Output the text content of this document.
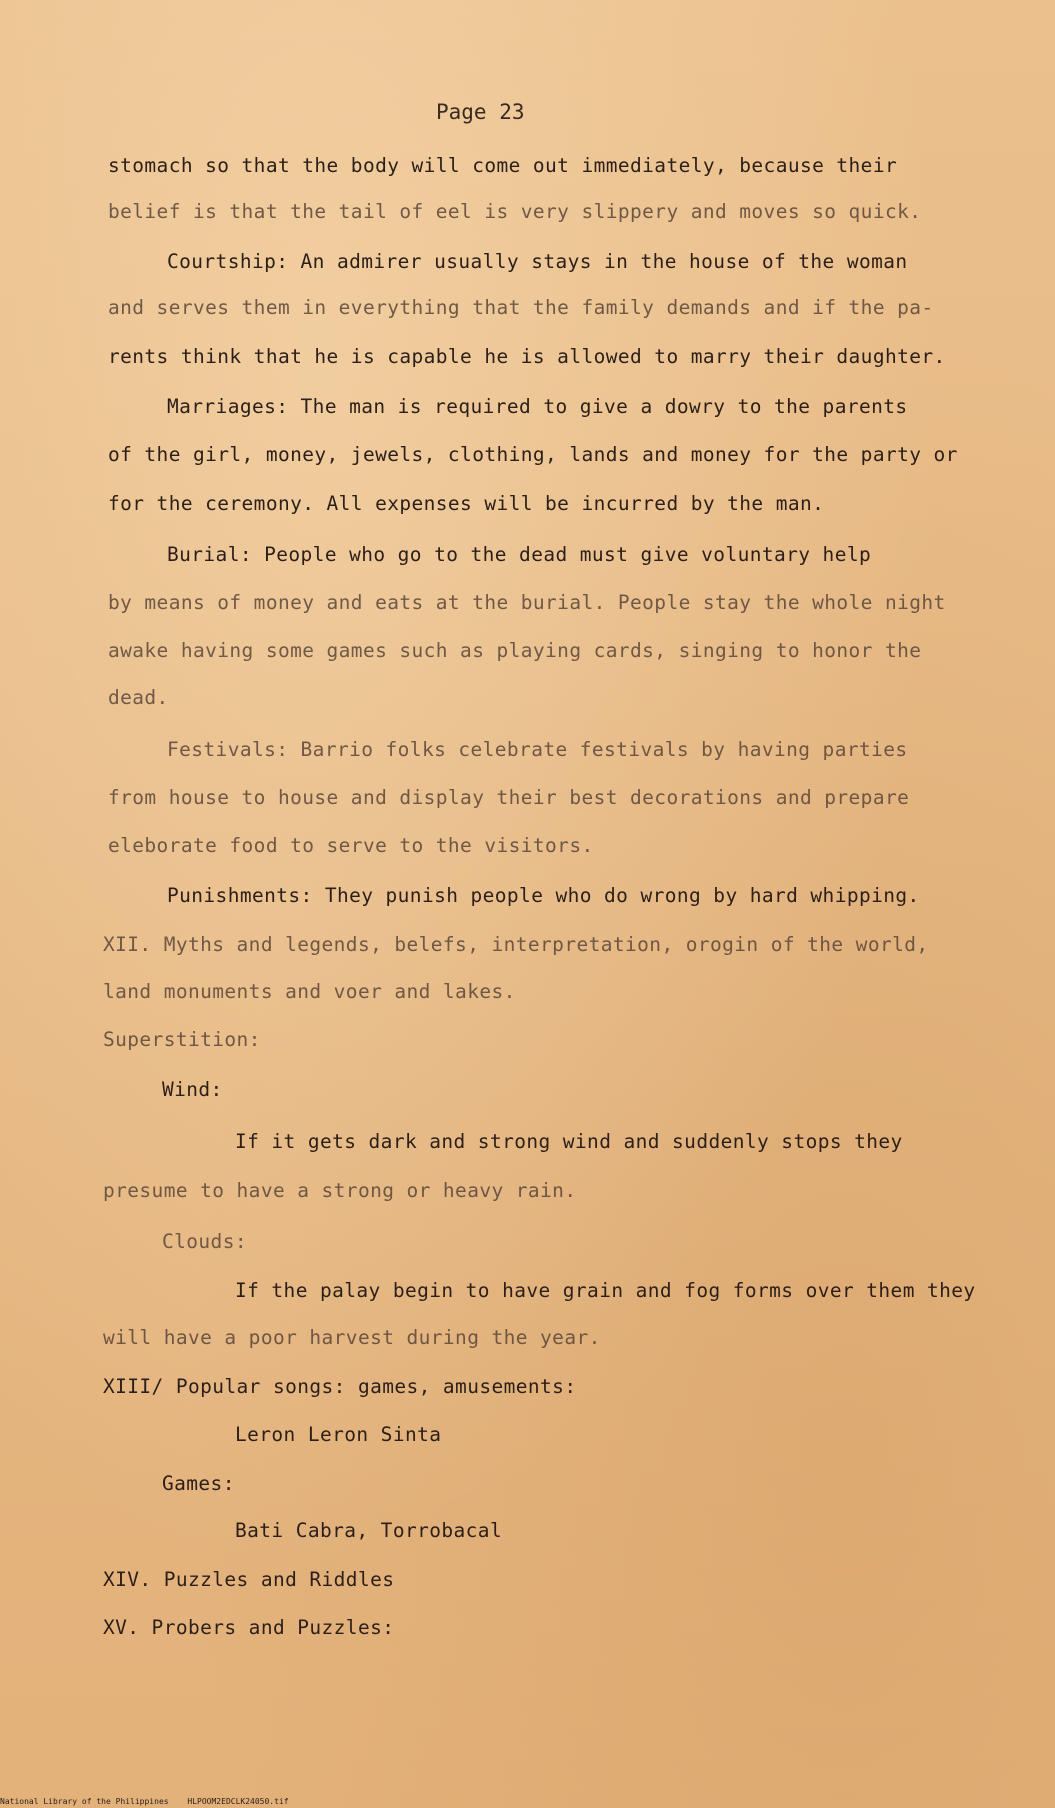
Page 23
stomach so that the body will come out immediately, because their
belief is that the tail of eel is very slippery and moves so quick.
Courtship: An admirer usually stays in the house of the woman
and serves them in everything that the family demands and if the pa-
rents think that he is capable he is allowed to marry their daughter.
Marriages: The man is required to give a dowry to the parents
of the girl, money, jewels, clothing, lands and money for the party or
for the ceremony. All expenses will be incurred by the man.
Burial: People who go to the dead must give voluntary help
by means of money and eats at the burial. People stay the whole night
awake having some games such as playing cards, singing to honor the
dead.
Festivals: Barrio folks celebrate festivals by having parties
from house to house and display their best decorations and prepare
eleborate food to serve to the visitors.
Punishments: They punish people who do wrong by hard whipping.
XII. Myths and legends, belefs, interpretation, orogin of the world,
land monuments and voer and lakes.
Superstition:
Wind:
If it gets dark and strong wind and suddenly stops they
presume to have a strong or heavy rain.
Clouds:
If the palay begin to have grain and fog forms over them they
will have a poor harvest during the year.
XIII/ Popular songs: games, amusements:
Leron Leron Sinta
Games:
Bati Cabra, Torrobacal
XIV. Puzzles and Riddles
XV. Probers and Puzzles:
National Library of the Philippines HLPOOM2EDCLK24050.tif
